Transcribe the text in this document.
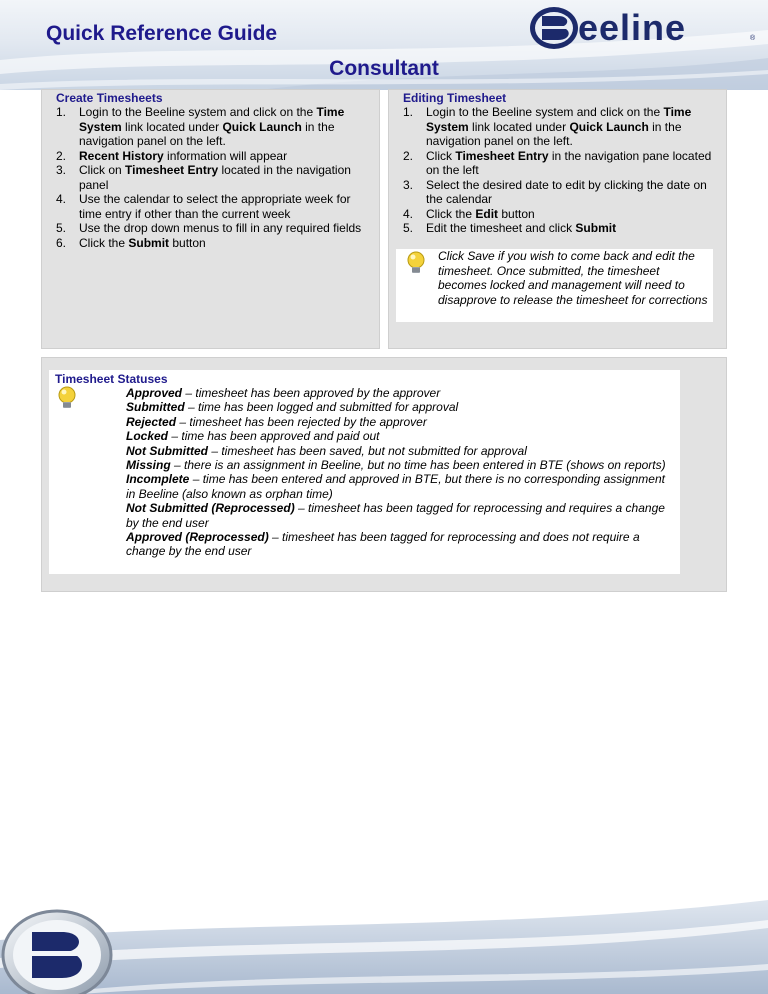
Quick Reference Guide
Consultant
eeline	®
Create Timesheets
1. Login to the Beeline system and click on the Time System link located under Quick Launch in the navigation panel on the left.
2. Recent History information will appear
3. Click on Timesheet Entry located in the navigation panel
4. Use the calendar to select the appropriate week for time entry if other than the current week
5. Use the drop down menus to fill in any required fields
6. Click the Submit button
Editing Timesheet
1. Login to the Beeline system and click on the Time System link located under Quick Launch in the navigation panel on the left.
2. Click Timesheet Entry in the navigation pane located on the left
3. Select the desired date to edit by clicking the date on the calendar
4. Click the Edit button
5. Edit the timesheet and click Submit
Click Save if you wish to come back and edit the timesheet. Once submitted, the timesheet becomes locked and management will need to disapprove to release the timesheet for corrections
Timesheet Statuses
Approved – timesheet has been approved by the approver
Submitted – time has been logged and submitted for approval
Rejected – timesheet has been rejected by the approver
Locked – time has been approved and paid out
Not Submitted – timesheet has been saved, but not submitted for approval
Missing – there is an assignment in Beeline, but no time has been entered in BTE (shows on reports)
Incomplete – time has been entered and approved in BTE, but there is no corresponding assignment in Beeline (also known as orphan time)
Not Submitted (Reprocessed) – timesheet has been tagged for reprocessing and requires a change by the end user
Approved (Reprocessed) – timesheet has been tagged for reprocessing and does not require a change by the end user
